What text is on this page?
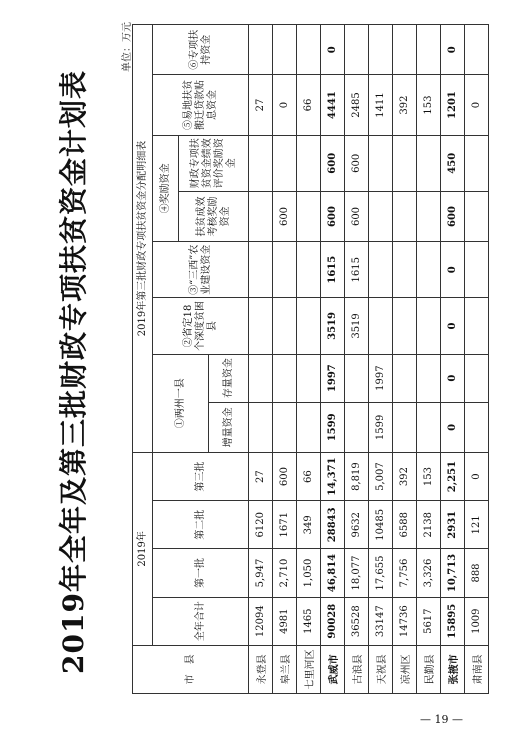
2019年全年及第三批财政专项扶贫资金计划表
单位：万元
市　县	2019年				2019年第三批财政专项扶贫资金分配明细表							
	全年合计	第一批	第二批	第三批	①两州一县		②省定18个深度贫困县	③“三西”农业建设资金	④奖励资金		⑤易地扶贫搬迁贷款贴息资金	⑥专项扶持资金
									扶贫成效考核奖励资金	财政专项扶贫资金绩效评价奖励资金		
					增量资金	存量资金						
永登县	12094	5,947	6120	27							27	
皋兰县	4981	2,710	1671	600					600		0	
七里河区	1465	1,050	349	66							66	
武威市	90028	46,814	28843	14,371	1599	1997	3519	1615	600	600	4441	0
古浪县	36528	18,077	9632	8,819			3519	1615	600	600	2485	
天祝县	33147	17,655	10485	5,007	1599	1997					1411	
凉州区	14736	7,756	6588	392							392	
民勤县	5617	3,326	2138	153							153	
张掖市	15895	10,713	2931	2,251	0	0	0	0	600	450	1201	0
肃南县	1009	888	121	0							0	
— 19 —
